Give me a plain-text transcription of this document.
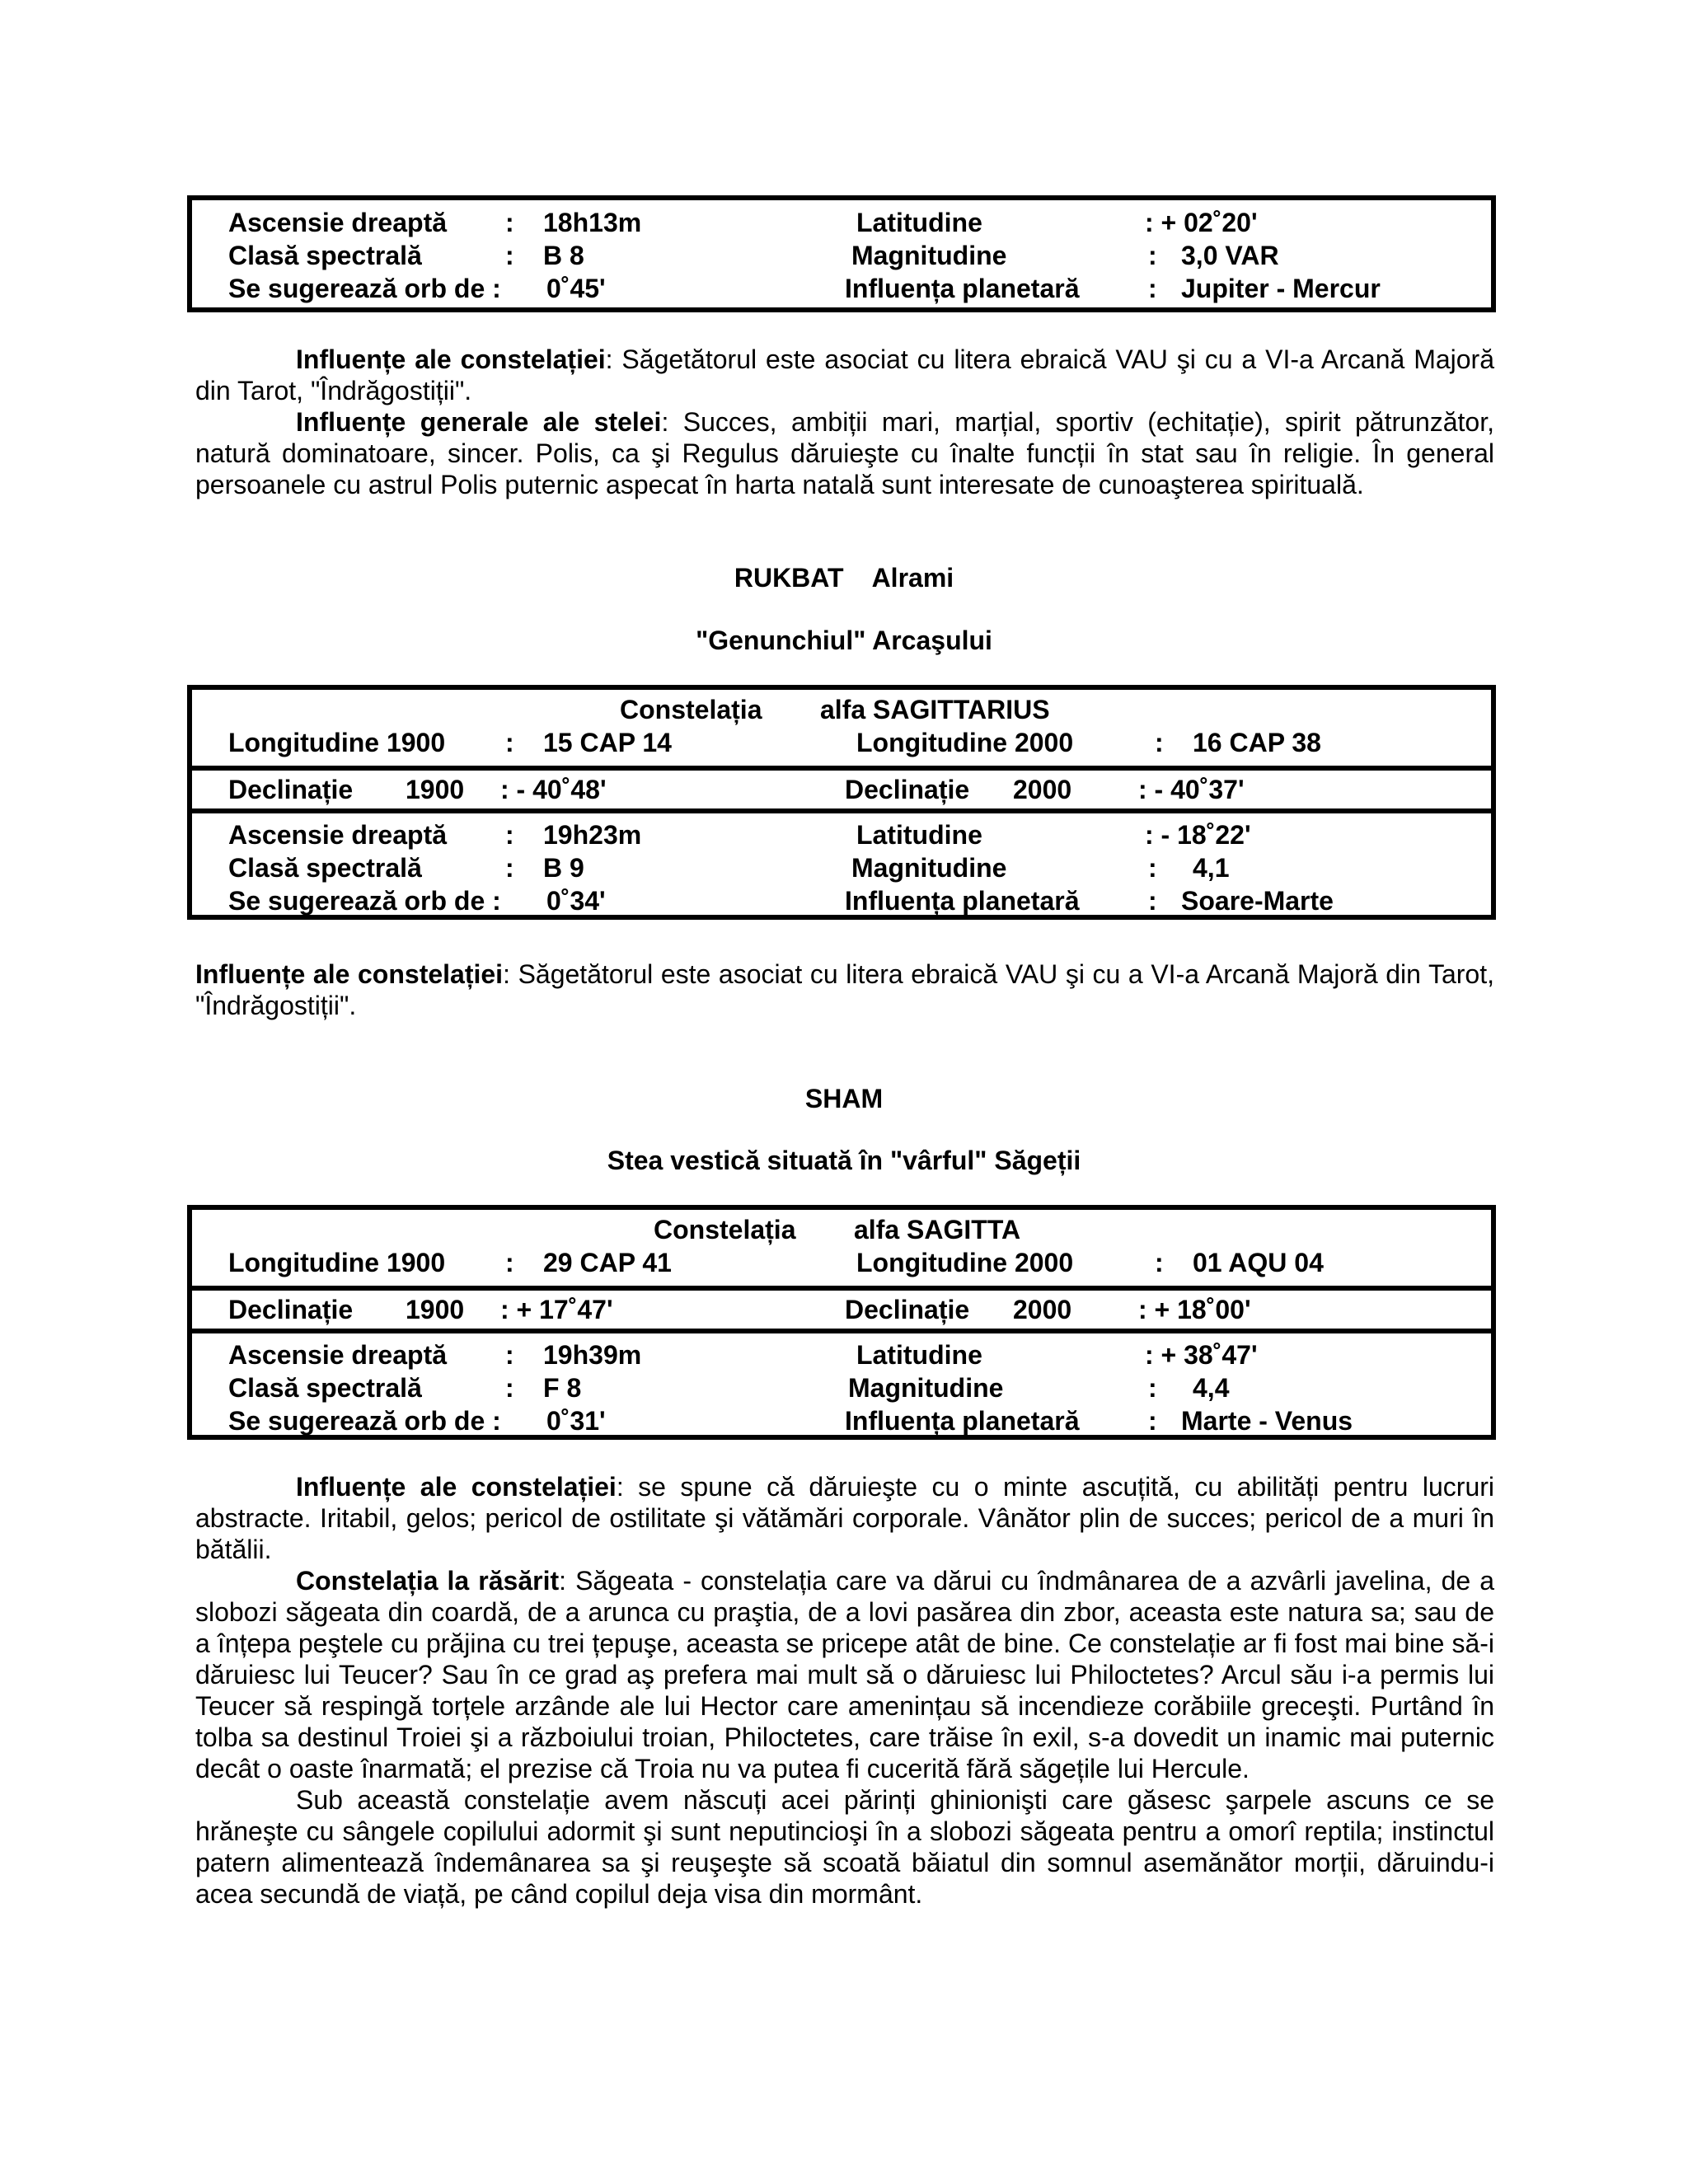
Ascensie dreaptă : 18h13m	Latitudine	: + 02˚20ʹ
Clasă spectrală	: B 8	Magnitudine	: 3,0 VAR
Se sugerează orb de : 0˚45ʹ	Influența planetară	: Jupiter - Mercur

Influențe ale constelației: Săgetătorul este asociat cu litera ebraică VAU şi cu a VI-a Arcană Majoră din Tarot, "Îndrăgostiții".

Influențe generale ale stelei: Succes, ambiții mari, marțial, sportiv (echitație), spirit pătrunzător, natură dominatoare, sincer. Polis, ca şi Regulus dăruieşte cu înalte funcții în stat sau în religie. În general persoanele cu astrul Polis puternic aspecat în harta natală sunt interesate de cunoaşterea spirituală.

RUKBAT Alrami
"Genunchiul" Arcaşului
Constelația alfa SAGITTARIUS
Longitudine 1900 : 15 CAP 14	Longitudine 2000	: 16 CAP 38
Declinație 1900 : - 40˚48ʹ	Declinație 2000	: - 40˚37ʹ
Ascensie dreaptă : 19h23m	Latitudine	: - 18˚22ʹ
Clasă spectrală	: B 9	Magnitudine	: 4,1
Se sugerează orb de : 0˚34ʹ	Influența planetară	: Soare-Marte

Influențe ale constelației: Săgetătorul este asociat cu litera ebraică VAU şi cu a VI-a Arcană Majoră din Tarot, "Îndrăgostiții".

SHAM
Stea vestică situată în "vârful" Săgeții
Constelația alfa SAGITTA
Longitudine 1900 : 29 CAP 41	Longitudine 2000	: 01 AQU 04
Declinație 1900 : + 17˚47ʹ	Declinație 2000	: + 18˚00ʹ
Ascensie dreaptă : 19h39m	Latitudine	: + 38˚47ʹ
Clasă spectrală	: F 8	Magnitudine	: 4,4
Se sugerează orb de : 0˚31ʹ	Influența planetară	: Marte - Venus

Influențe ale constelației: se spune că dăruieşte cu o minte ascuțită, cu abilități pentru lucruri abstracte. Iritabil, gelos; pericol de ostilitate şi vătămări corporale. Vânător plin de succes; pericol de a muri în bătălii.

Constelația la răsărit: Săgeata - constelația care va dărui cu îndmânarea de a azvârli javelina, de a slobozi săgeata din coardă, de a arunca cu praştia, de a lovi pasărea din zbor, aceasta este natura sa; sau de a înțepa peştele cu prăjina cu trei țepuşe, aceasta se pricepe atât de bine. Ce constelație ar fi fost mai bine să-i dăruiesc lui Teucer? Sau în ce grad aş prefera mai mult să o dăruiesc lui Philoctetes? Arcul său i-a permis lui Teucer să respingă torțele arzânde ale lui Hector care amenințau să incendieze corăbiile greceşti. Purtând în tolba sa destinul Troiei şi a războiului troian, Philoctetes, care trăise în exil, s-a dovedit un inamic mai puternic decât o oaste înarmată; el prezise că Troia nu va putea fi cucerită fără săgețile lui Hercule.

Sub această constelație avem născuți acei părinți ghinionişti care găsesc şarpele ascuns ce se hrăneşte cu sângele copilului adormit şi sunt neputincioşi în a slobozi săgeata pentru a omorî reptila; instinctul patern alimentează îndemânarea sa şi reuşeşte să scoată băiatul din somnul asemănător morții, dăruindu-i acea secundă de viață, pe când copilul deja visa din mormânt.
